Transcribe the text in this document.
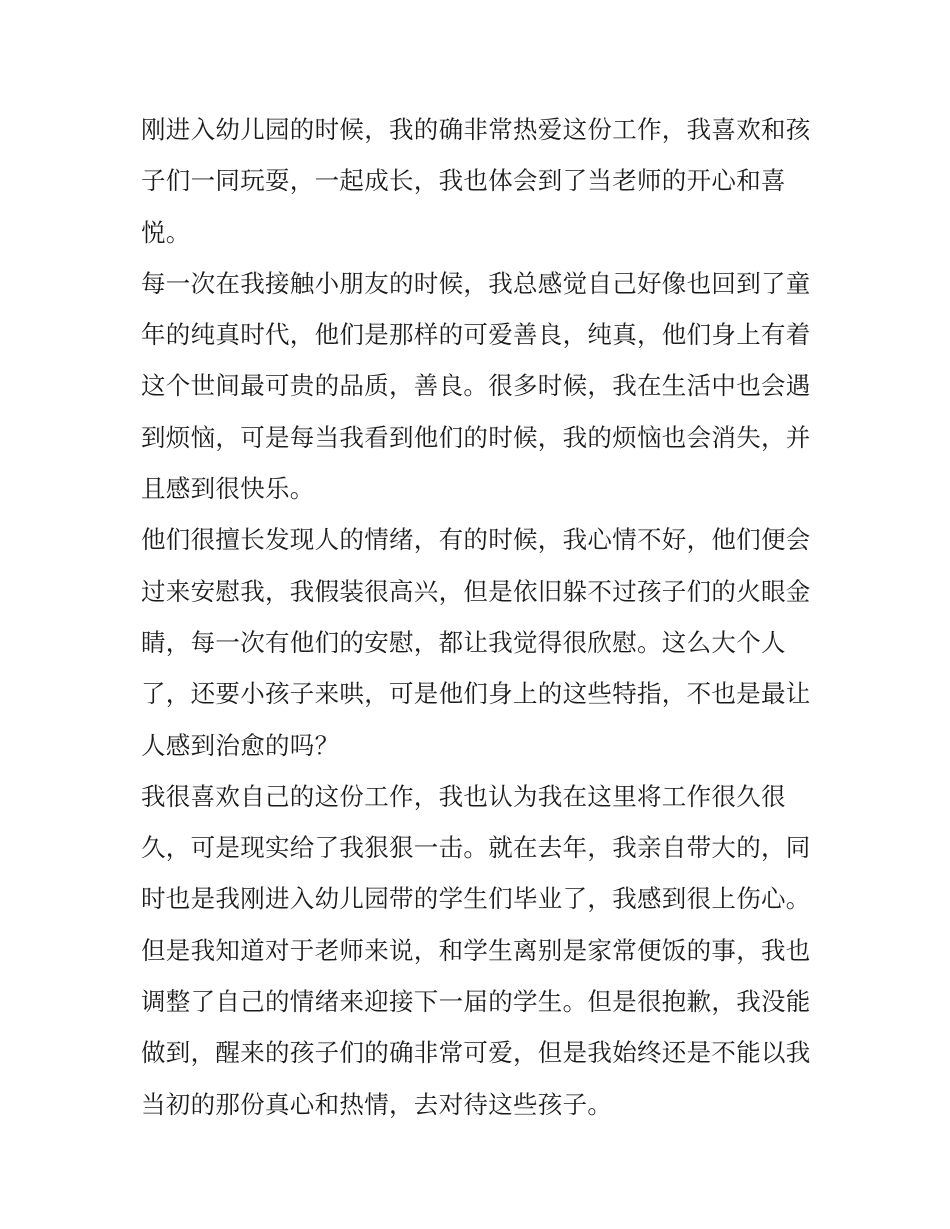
刚进入幼儿园的时候，我的确非常热爱这份工作，我喜欢和孩
子们一同玩耍，一起成长，我也体会到了当老师的开心和喜
悦。
每一次在我接触小朋友的时候，我总感觉自己好像也回到了童
年的纯真时代，他们是那样的可爱善良，纯真，他们身上有着
这个世间最可贵的品质，善良。很多时候，我在生活中也会遇
到烦恼，可是每当我看到他们的时候，我的烦恼也会消失，并
且感到很快乐。
他们很擅长发现人的情绪，有的时候，我心情不好，他们便会
过来安慰我，我假装很高兴，但是依旧躲不过孩子们的火眼金
睛，每一次有他们的安慰，都让我觉得很欣慰。这么大个人
了，还要小孩子来哄，可是他们身上的这些特指，不也是最让
人感到治愈的吗？
我很喜欢自己的这份工作，我也认为我在这里将工作很久很
久，可是现实给了我狠狠一击。就在去年，我亲自带大的，同
时也是我刚进入幼儿园带的学生们毕业了，我感到很上伤心。
但是我知道对于老师来说，和学生离别是家常便饭的事，我也
调整了自己的情绪来迎接下一届的学生。但是很抱歉，我没能
做到，醒来的孩子们的确非常可爱，但是我始终还是不能以我
当初的那份真心和热情，去对待这些孩子。
